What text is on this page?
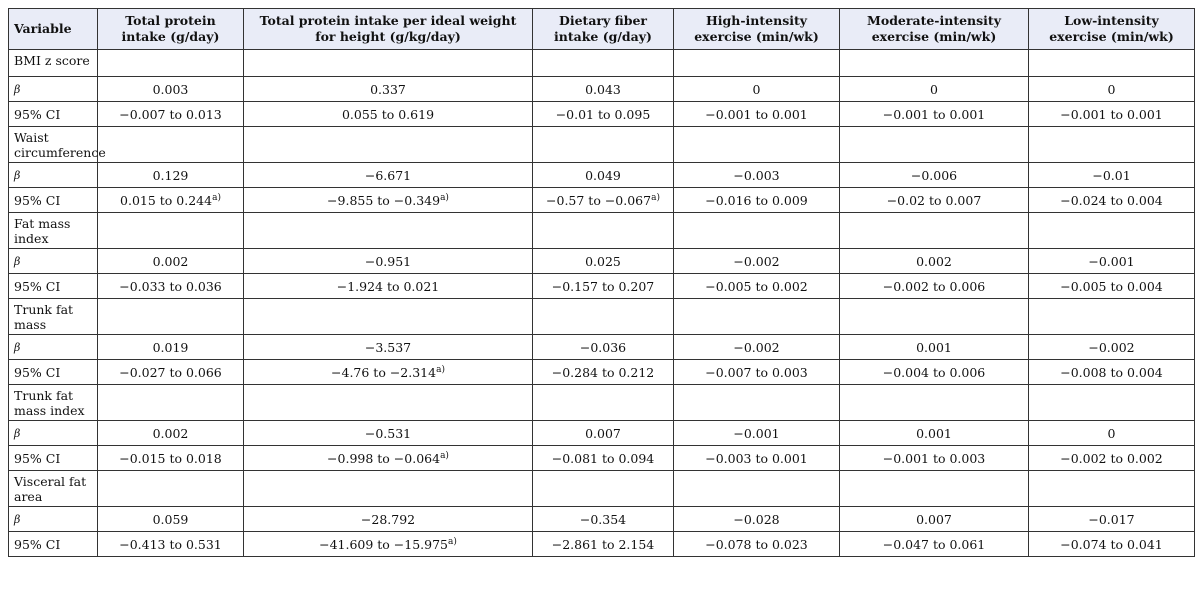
Variable	Total protein intake (g/day)	Total protein intake per ideal weight for height (g/kg/day)	Dietary fiber intake (g/day)	High-intensity exercise (min/wk)	Moderate-intensity exercise (min/wk)	Low-intensity exercise (min/wk)
BMI z score						
β	0.003	0.337	0.043	0	0	0
95% CI	−0.007 to 0.013	0.055 to 0.619	−0.01 to 0.095	−0.001 to 0.001	−0.001 to 0.001	−0.001 to 0.001
Waist circumference						
β	0.129	−6.671	0.049	−0.003	−0.006	−0.01
95% CI	0.015 to $0.244^{a)}$	−9.855 to $-0.349^{a)}$	−0.57 to $-0.067^{a)}$	−0.016 to 0.009	−0.02 to 0.007	−0.024 to 0.004
Fat mass index						
β	0.002	−0.951	0.025	−0.002	0.002	−0.001
95% CI	−0.033 to 0.036	−1.924 to 0.021	−0.157 to 0.207	−0.005 to 0.002	−0.002 to 0.006	−0.005 to 0.004
Trunk fat mass						
β	0.019	−3.537	−0.036	−0.002	0.001	−0.002
95% CI	−0.027 to 0.066	−4.76 to $-2.314^{a)}$	−0.284 to 0.212	−0.007 to 0.003	−0.004 to 0.006	−0.008 to 0.004
Trunk fat mass index						
β	0.002	−0.531	0.007	−0.001	0.001	0
95% CI	−0.015 to 0.018	−0.998 to $-0.064^{a)}$	−0.081 to 0.094	−0.003 to 0.001	−0.001 to 0.003	−0.002 to 0.002
Visceral fat area						
β	0.059	−28.792	−0.354	−0.028	0.007	−0.017
95% CI	−0.413 to 0.531	−41.609 to $-15.975^{a)}$	−2.861 to 2.154	−0.078 to 0.023	−0.047 to 0.061	−0.074 to 0.041
